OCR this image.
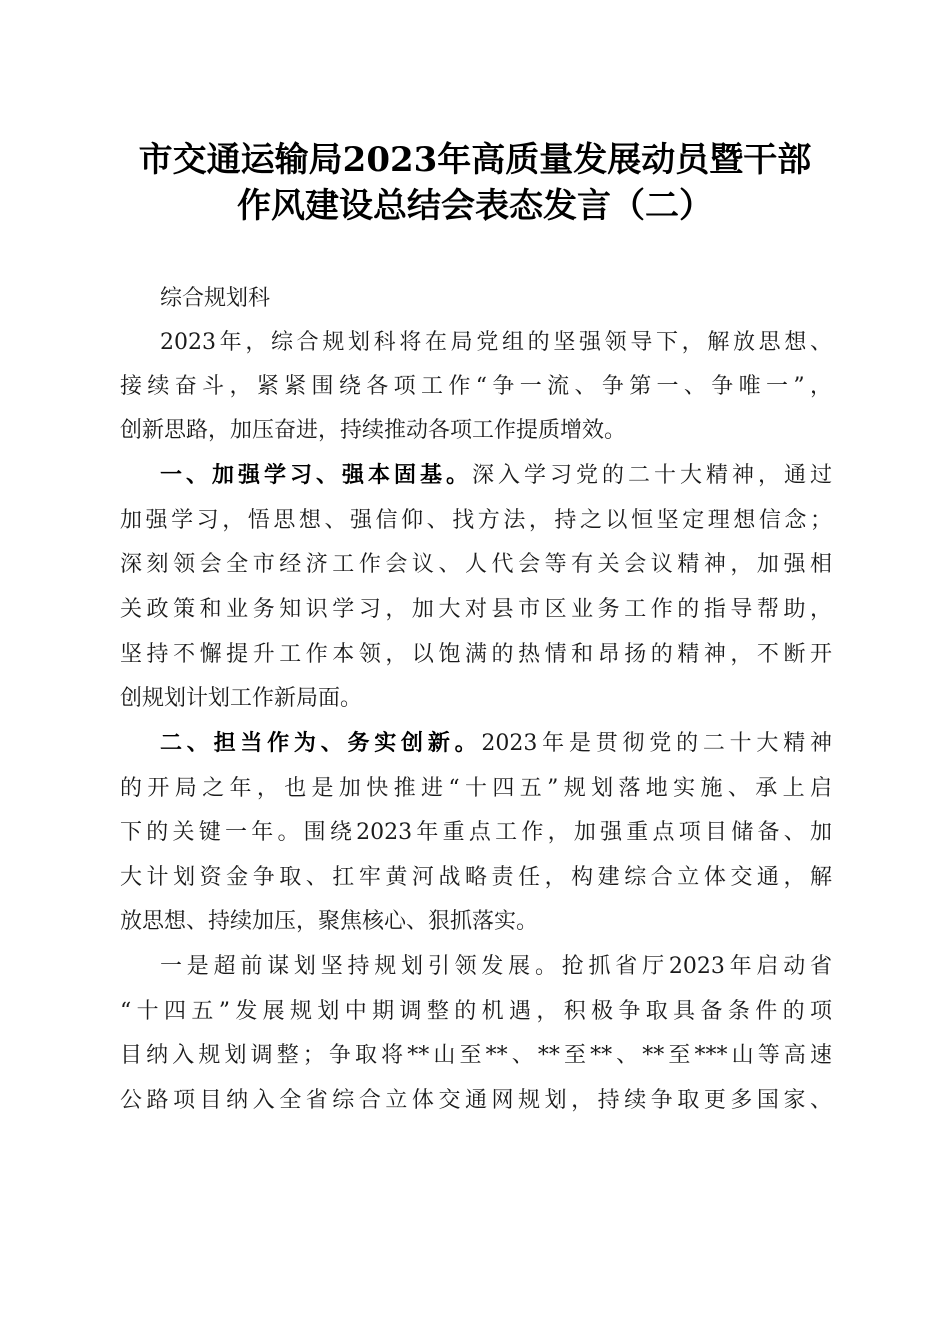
市交通运输局2023年高质量发展动员暨干部
作风建设总结会表态发言（二）
综合规划科
2023年，综合规划科将在局党组的坚强领导下，解放思想、
接续奋斗，紧紧围绕各项工作“争一流、争第一、争唯一”，
创新思路，加压奋进，持续推动各项工作提质增效。
一、加强学习、强本固基。深入学习党的二十大精神，通过
加强学习，悟思想、强信仰、找方法，持之以恒坚定理想信念；
深刻领会全市经济工作会议、人代会等有关会议精神，加强相
关政策和业务知识学习，加大对县市区业务工作的指导帮助，
坚持不懈提升工作本领，以饱满的热情和昂扬的精神，不断开
创规划计划工作新局面。
二、担当作为、务实创新。2023年是贯彻党的二十大精神
的开局之年，也是加快推进“十四五”规划落地实施、承上启
下的关键一年。围绕2023年重点工作，加强重点项目储备、加
大计划资金争取、扛牢黄河战略责任，构建综合立体交通，解
放思想、持续加压，聚焦核心、狠抓落实。
一是超前谋划坚持规划引领发展。抢抓省厅2023年启动省
“十四五”发展规划中期调整的机遇，积极争取具备条件的项
目纳入规划调整；争取将**山至**、**至**、**至***山等高速
公路项目纳入全省综合立体交通网规划，持续争取更多国家、
